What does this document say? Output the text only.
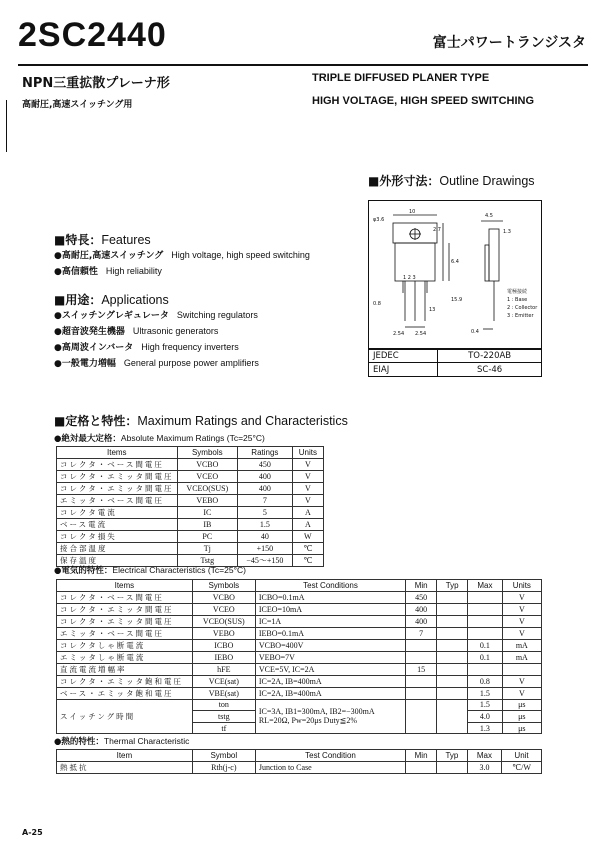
2SC2440	富士パワートランジスタ
NPN三重拡散プレーナ形	TRIPLE DIFFUSED PLANER TYPE
高耐圧,高速スイッチング用	HIGH VOLTAGE, HIGH SPEED SWITCHING
■外形寸法：Outline Drawings
φ3.6
10
4.5
1.3
0.8
2.54 2.54	0.4
2.7
13
15.9
6.4
1 2 3
電極接続
1 : Base
2 : Collector
3 : Emitter
JEDEC	TO-220AB
EIAJ	SC-46
■特長：Features
●高耐圧,高速スイッチング High voltage, high speed switching
●高信頼性 High reliability
■用途：Applications
●スイッチングレギュレータ Switching regulators
●超音波発生機器 Ultrasonic generators
●高周波インバータ High frequency inverters
●一般電力増幅 General purpose power amplifiers
■定格と特性：Maximum Ratings and Characteristics
●絶対最大定格：Absolute Maximum Ratings (Tc=25°C)
Items	Symbols	Ratings	Units
コレクタ・ベース間電圧	VCBO	450	V
コレクタ・エミッタ間電圧	VCEO	400	V
コレクタ・エミッタ間電圧	VCEO(SUS)	400	V
エミッタ・ベース間電圧	VEBO	7	V
コレクタ電流	IC	5	A
ベース電流	IB	1.5	A
コレクタ損失	PC	40	W
接合部温度	Tj	+150	℃
保存温度	Tstg	−45〜+150	℃
●電気的特性：Electrical Characteristics (Tc=25°C)
Items	Symbols	Test Conditions	Min	Typ	Max	Units
コレクタ・ベース間電圧	VCBO	ICBO=0.1mA	450			V
コレクタ・エミッタ間電圧	VCEO	ICEO=10mA	400			V
コレクタ・エミッタ間電圧	VCEO(SUS)	IC=1A	400			V
エミッタ・ベース間電圧	VEBO	IEBO=0.1mA	7			V
コレクタしゃ断電流	ICBO	VCBO=400V			0.1	mA
エミッタしゃ断電流	IEBO	VEBO=7V			0.1	mA
直流電流増幅率	hFE	VCE=5V, IC=2A	15			
コレクタ・エミッタ飽和電圧	VCE(sat)	IC=2A, IB=400mA			0.8	V
ベース・エミッタ飽和電圧	VBE(sat)	IC=2A, IB=400mA			1.5	V
スイッチング時間	ton	IC=3A, IB1=300mA, IB2=−300mA
RL=20Ω, Pw=20μs Duty≦2%			1.5	μs
	tstg				4.0	μs
	tf				1.3	μs
●熱的特性：Thermal Characteristic
Item	Symbol	Test Condition	Min	Typ	Max	Unit
熱抵抗	Rth(j-c)	Junction to Case			3.0	℃/W
A-25
